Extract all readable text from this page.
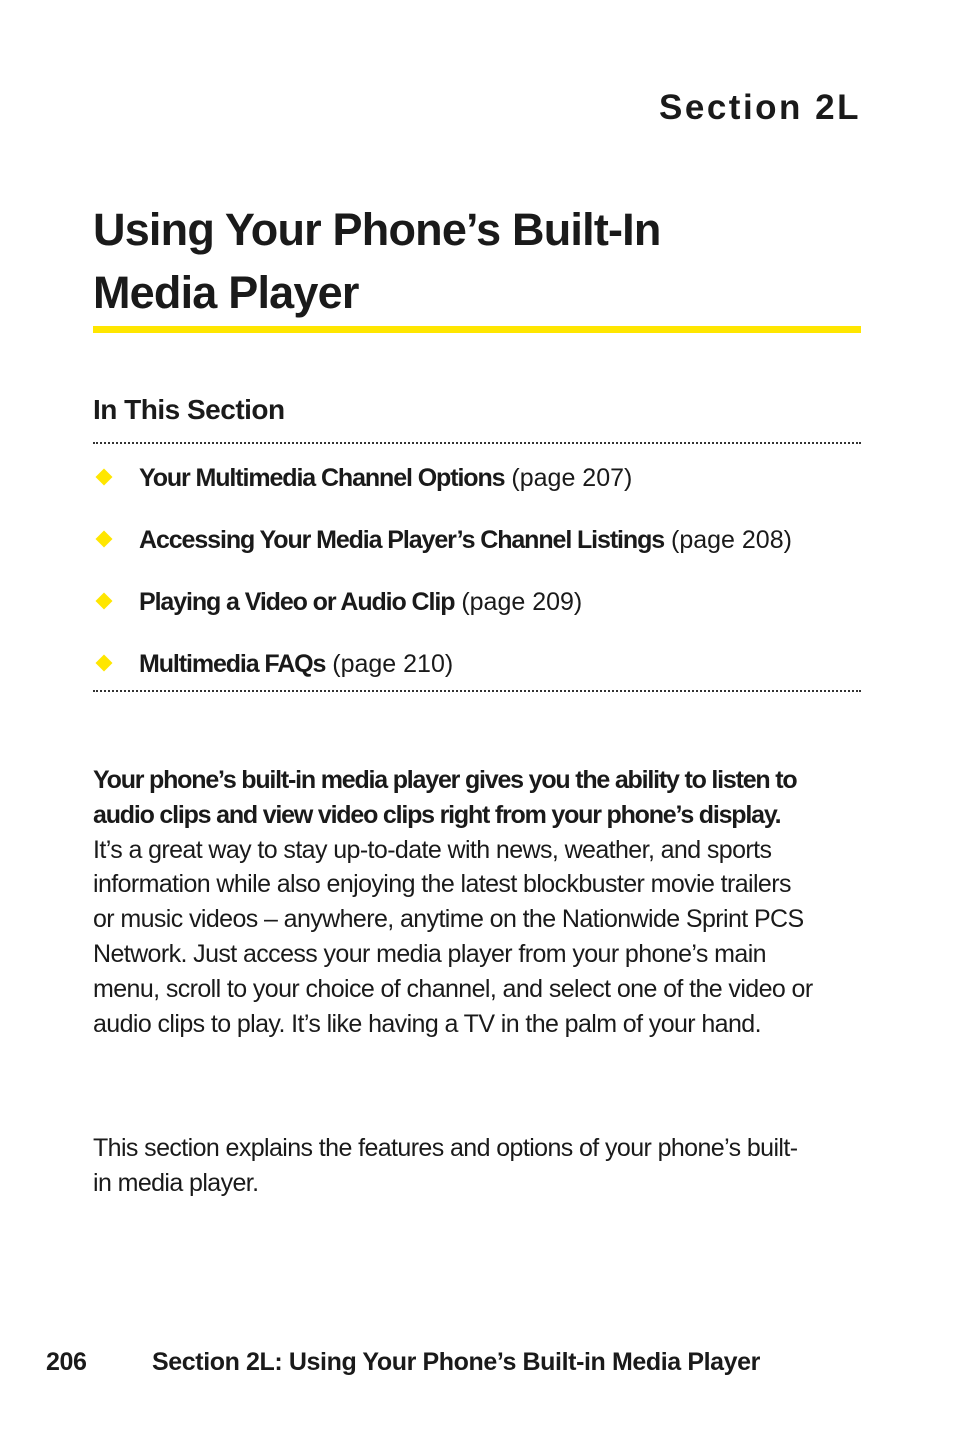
Section 2L
Using Your Phone’s Built-In
Media Player
In This Section
Your Multimedia Channel Options (page 207)
Accessing Your Media Player’s Channel Listings (page 208)
Playing a Video or Audio Clip (page 209)
Multimedia FAQs (page 210)

Your phone’s built-in media player gives you the ability to listen to audio clips and view video clips right from your phone’s display. It’s a great way to stay up-to-date with news, weather, and sports information while also enjoying the latest blockbuster movie trailers or music videos – anywhere, anytime on the Nationwide Sprint PCS Network. Just access your media player from your phone’s main menu, scroll to your choice of channel, and select one of the video or audio clips to play. It’s like having a TV in the palm of your hand.

This section explains the features and options of your phone’s built-in media player.

206	Section 2L: Using Your Phone’s Built-in Media Player
